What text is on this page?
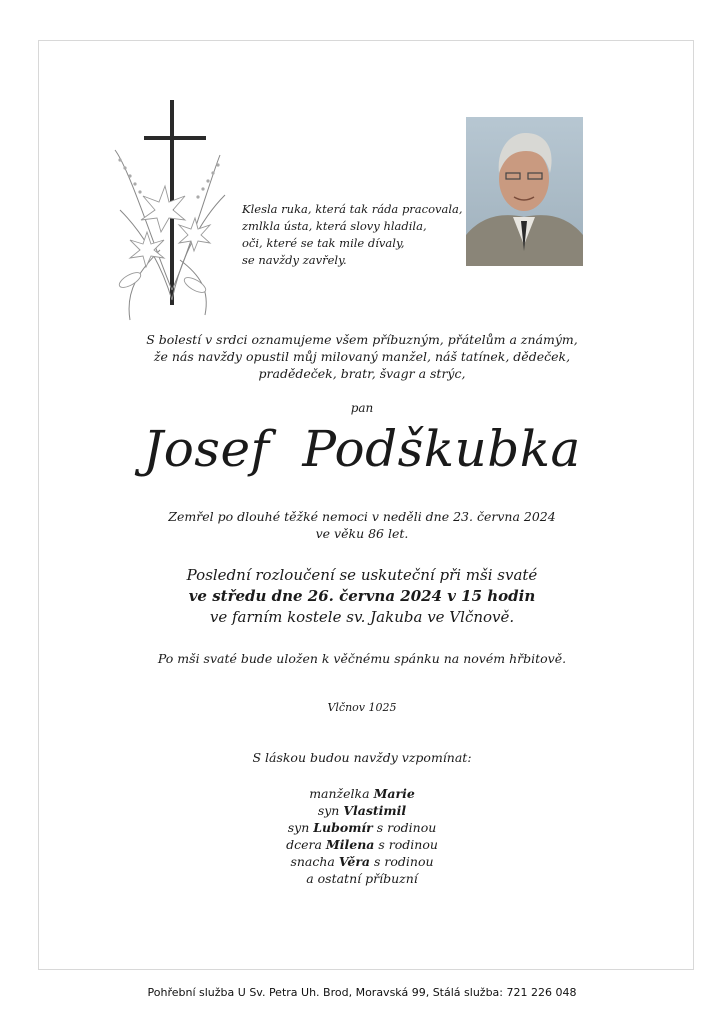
Klesla ruka, která tak ráda pracovala,
zmlkla ústa, která slovy hladila,
oči, které se tak mile dívaly,
se navždy zavřely.
S bolestí v srdci oznamujeme všem příbuzným, přátelům a známým,
že nás navždy opustil můj milovaný manžel, náš tatínek, dědeček,
pradědeček, bratr, švagr a strýc,
pan
Josef  Podškubka
Zemřel po dlouhé těžké nemoci v neděli dne 23. června 2024
ve věku 86 let.
Poslední rozloučení se uskuteční při mši svaté
ve středu dne 26. června 2024 v 15 hodin
ve farním kostele sv. Jakuba ve Vlčnově.
Po mši svaté bude uložen k věčnému spánku na novém hřbitově.
Vlčnov 1025
S láskou budou navždy vzpomínat:
manželka Marie
syn Vlastimil
syn Lubomír s rodinou
dcera Milena s rodinou
snacha Věra s rodinou
a ostatní příbuzní
Pohřební služba U Sv. Petra Uh. Brod, Moravská 99, Stálá služba: 721 226 048
